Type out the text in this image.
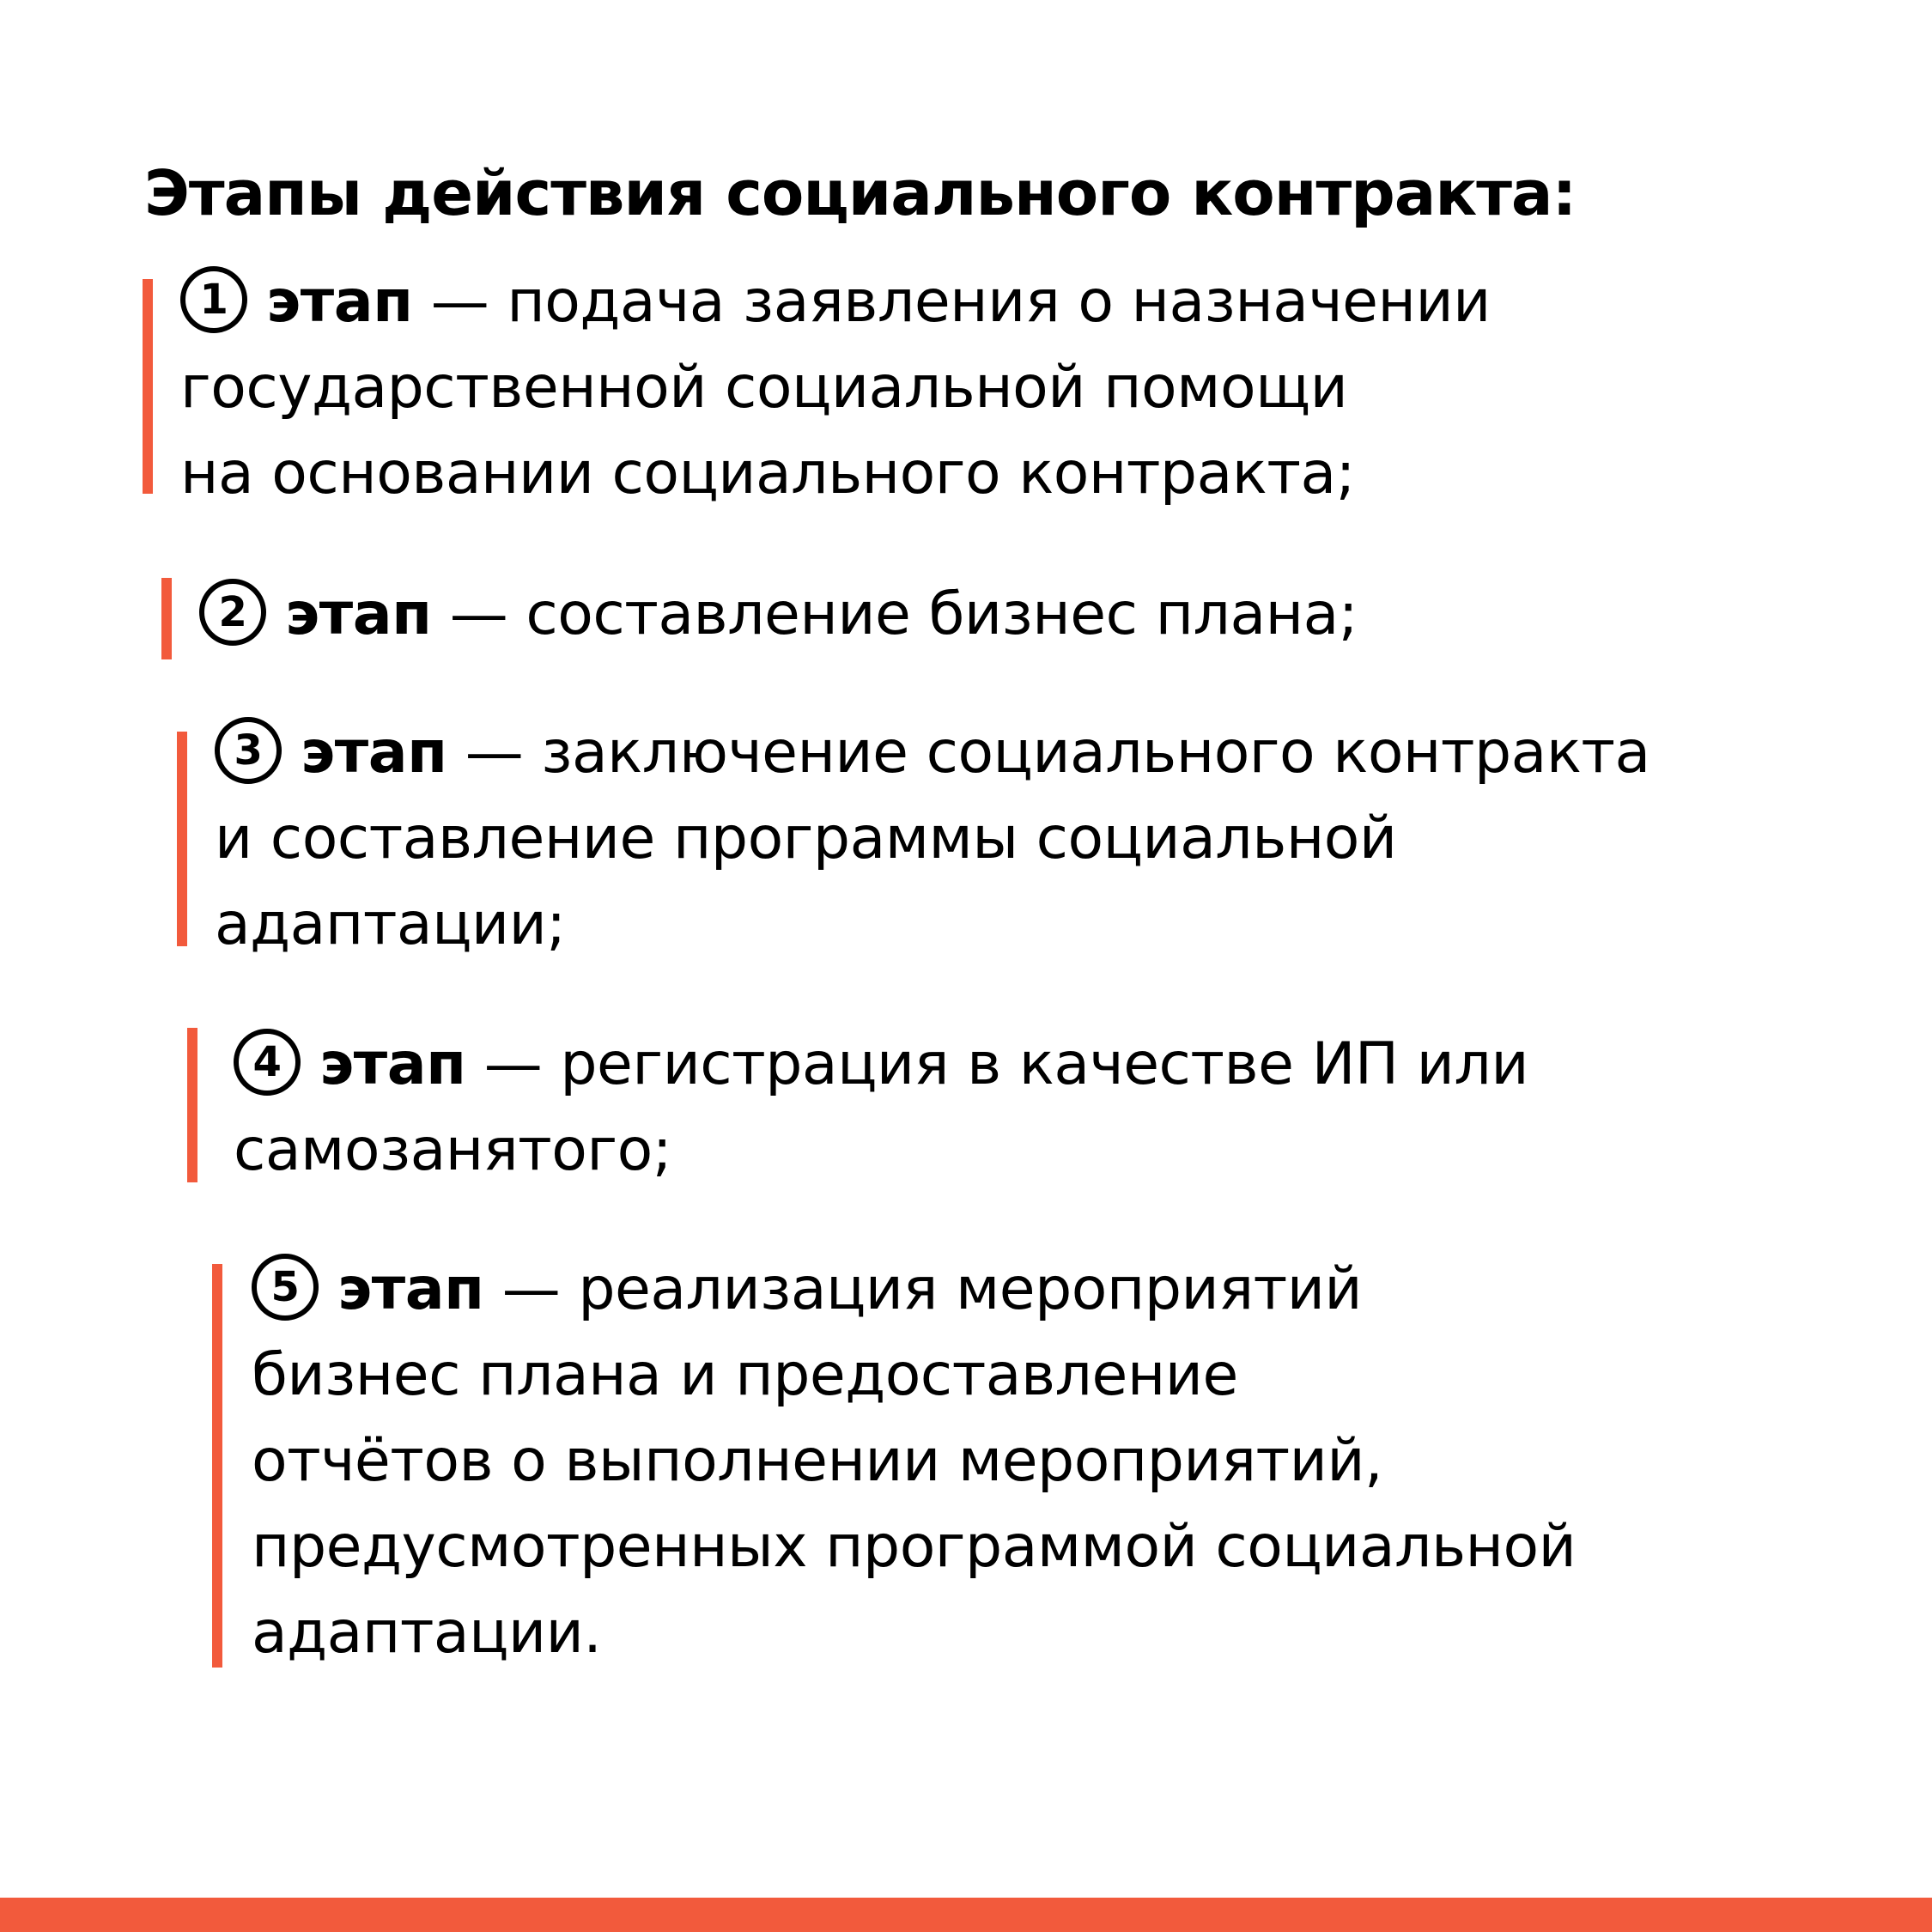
Этапы действия социального контракта:

1 этап — подача заявления о назначении
государственной социальной помощи
на основании социального контракта;

2 этап — составление бизнес плана;

3 этап — заключение социального контракта
и составление программы социальной
адаптации;

4 этап — регистрация в качестве ИП или
самозанятого;

5 этап — реализация мероприятий
бизнес плана и предоставление
отчётов о выполнении мероприятий,
предусмотренных программой социальной
адаптации.
